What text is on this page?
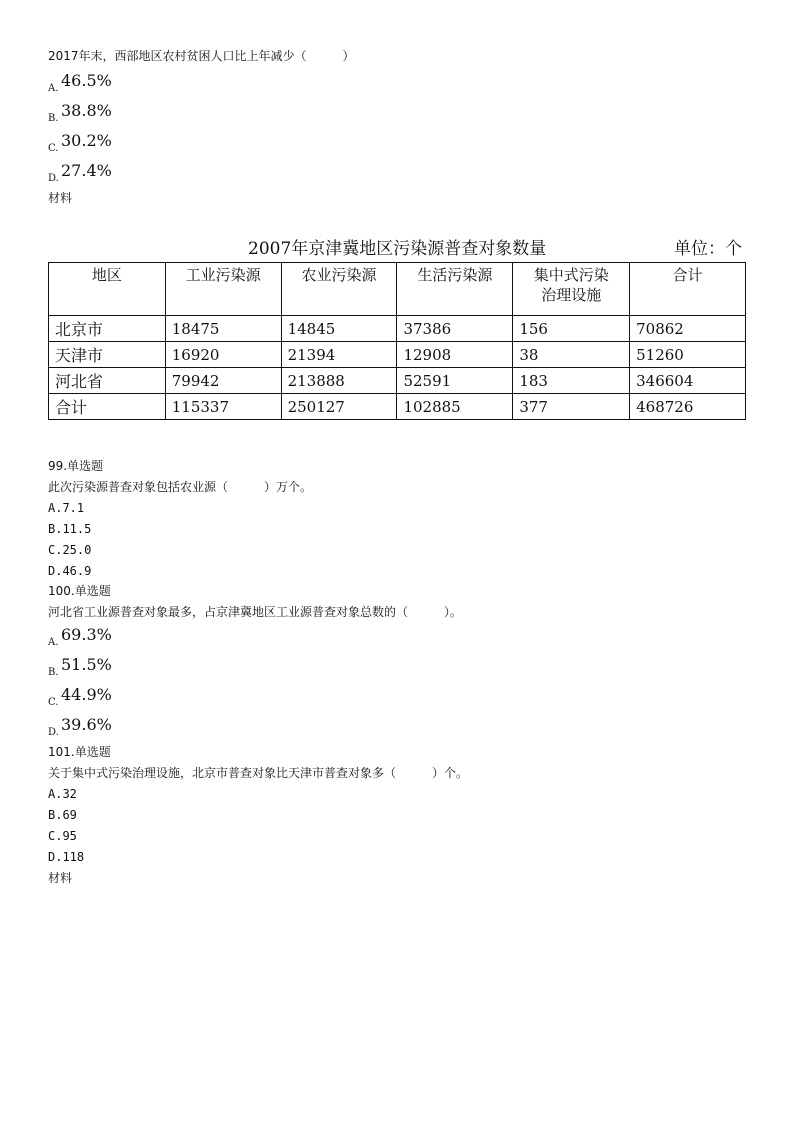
2017年末，西部地区农村贫困人口比上年减少（　　　）
A. 46.5%
B. 38.8%
C. 30.2%
D. 27.4%
材料
2007年京津冀地区污染源普查对象数量	单位：个
地区	工业污染源	农业污染源	生活污染源	集中式污染治理设施	合计
北京市	18475	14845	37386	156	70862
天津市	16920	21394	12908	38	51260
河北省	79942	213888	52591	183	346604
合计	115337	250127	102885	377	468726
99.单选题
此次污染源普查对象包括农业源（　　　）万个。
A.7.1
B.11.5
C.25.0
D.46.9
100.单选题
河北省工业源普查对象最多，占京津冀地区工业源普查对象总数的（　　　）。
A. 69.3%
B. 51.5%
C. 44.9%
D. 39.6%
101.单选题
关于集中式污染治理设施，北京市普查对象比天津市普查对象多（　　　）个。
A.32
B.69
C.95
D.118
材料
